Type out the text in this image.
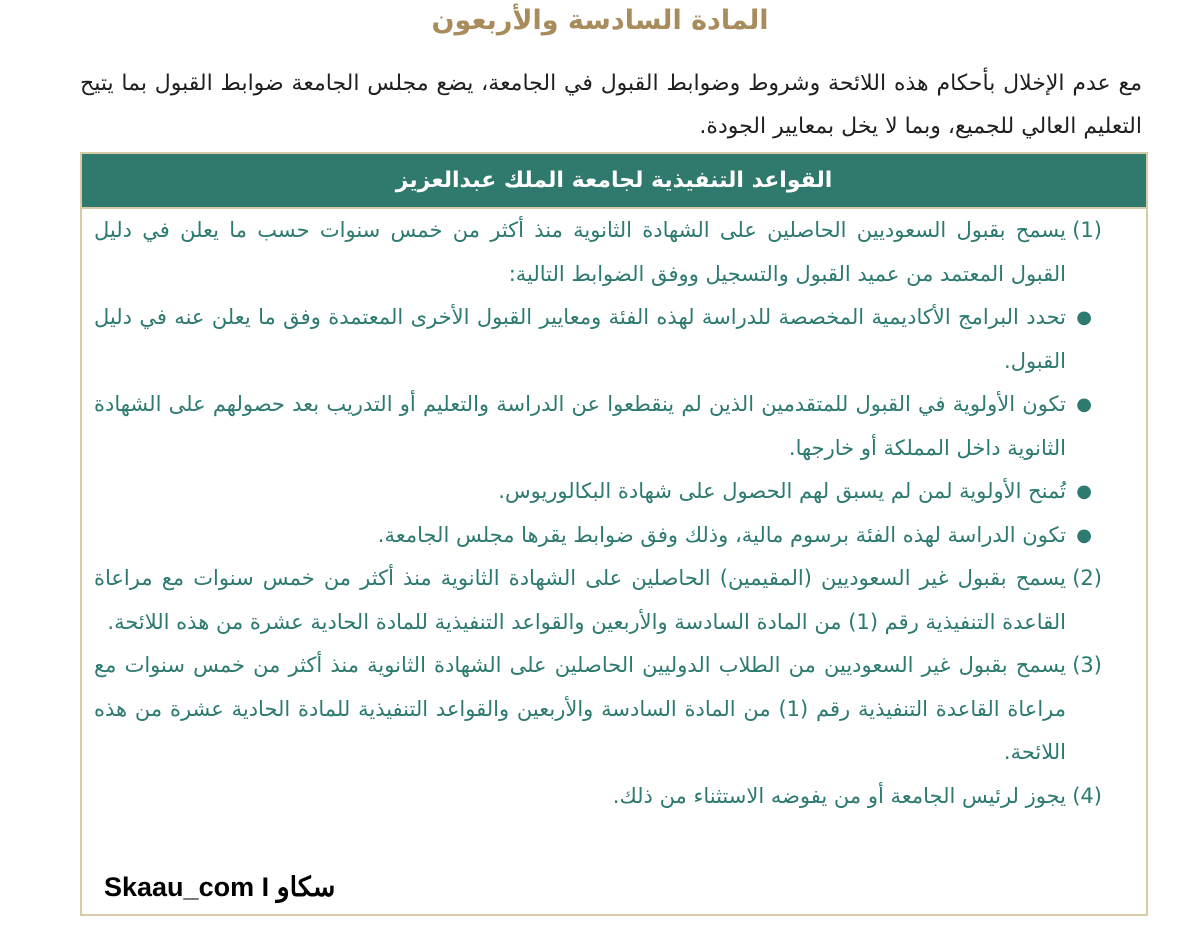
المادة السادسة والأربعون

مع عدم الإخلال بأحكام هذه اللائحة وشروط وضوابط القبول في الجامعة، يضع مجلس الجامعة ضوابط القبول بما يتيح التعليم العالي للجميع، وبما لا يخل بمعايير الجودة.

القواعد التنفيذية لجامعة الملك عبدالعزيز
(1)
يسمح بقبول السعوديين الحاصلين على الشهادة الثانوية منذ أكثر من خمس سنوات حسب ما يعلن في دليل القبول المعتمد من عميد القبول والتسجيل ووفق الضوابط التالية:
●
تحدد البرامج الأكاديمية المخصصة للدراسة لهذه الفئة ومعايير القبول الأخرى المعتمدة وفق ما يعلن عنه في دليل القبول.
●
تكون الأولوية في القبول للمتقدمين الذين لم ينقطعوا عن الدراسة والتعليم أو التدريب بعد حصولهم على الشهادة الثانوية داخل المملكة أو خارجها.
●
تُمنح الأولوية لمن لم يسبق لهم الحصول على شهادة البكالوريوس.
●
تكون الدراسة لهذه الفئة برسوم مالية، وذلك وفق ضوابط يقرها مجلس الجامعة.
(2)
يسمح بقبول غير السعوديين (المقيمين) الحاصلين على الشهادة الثانوية منذ أكثر من خمس سنوات مع مراعاة القاعدة التنفيذية رقم (1) من المادة السادسة والأربعين والقواعد التنفيذية للمادة الحادية عشرة من هذه اللائحة.
(3)
يسمح بقبول غير السعوديين من الطلاب الدوليين الحاصلين على الشهادة الثانوية منذ أكثر من خمس سنوات مع مراعاة القاعدة التنفيذية رقم (1) من المادة السادسة والأربعين والقواعد التنفيذية للمادة الحادية عشرة من هذه اللائحة.
(4)
يجوز لرئيس الجامعة أو من يفوضه الاستثناء من ذلك.
Skaau_com I سكاو
